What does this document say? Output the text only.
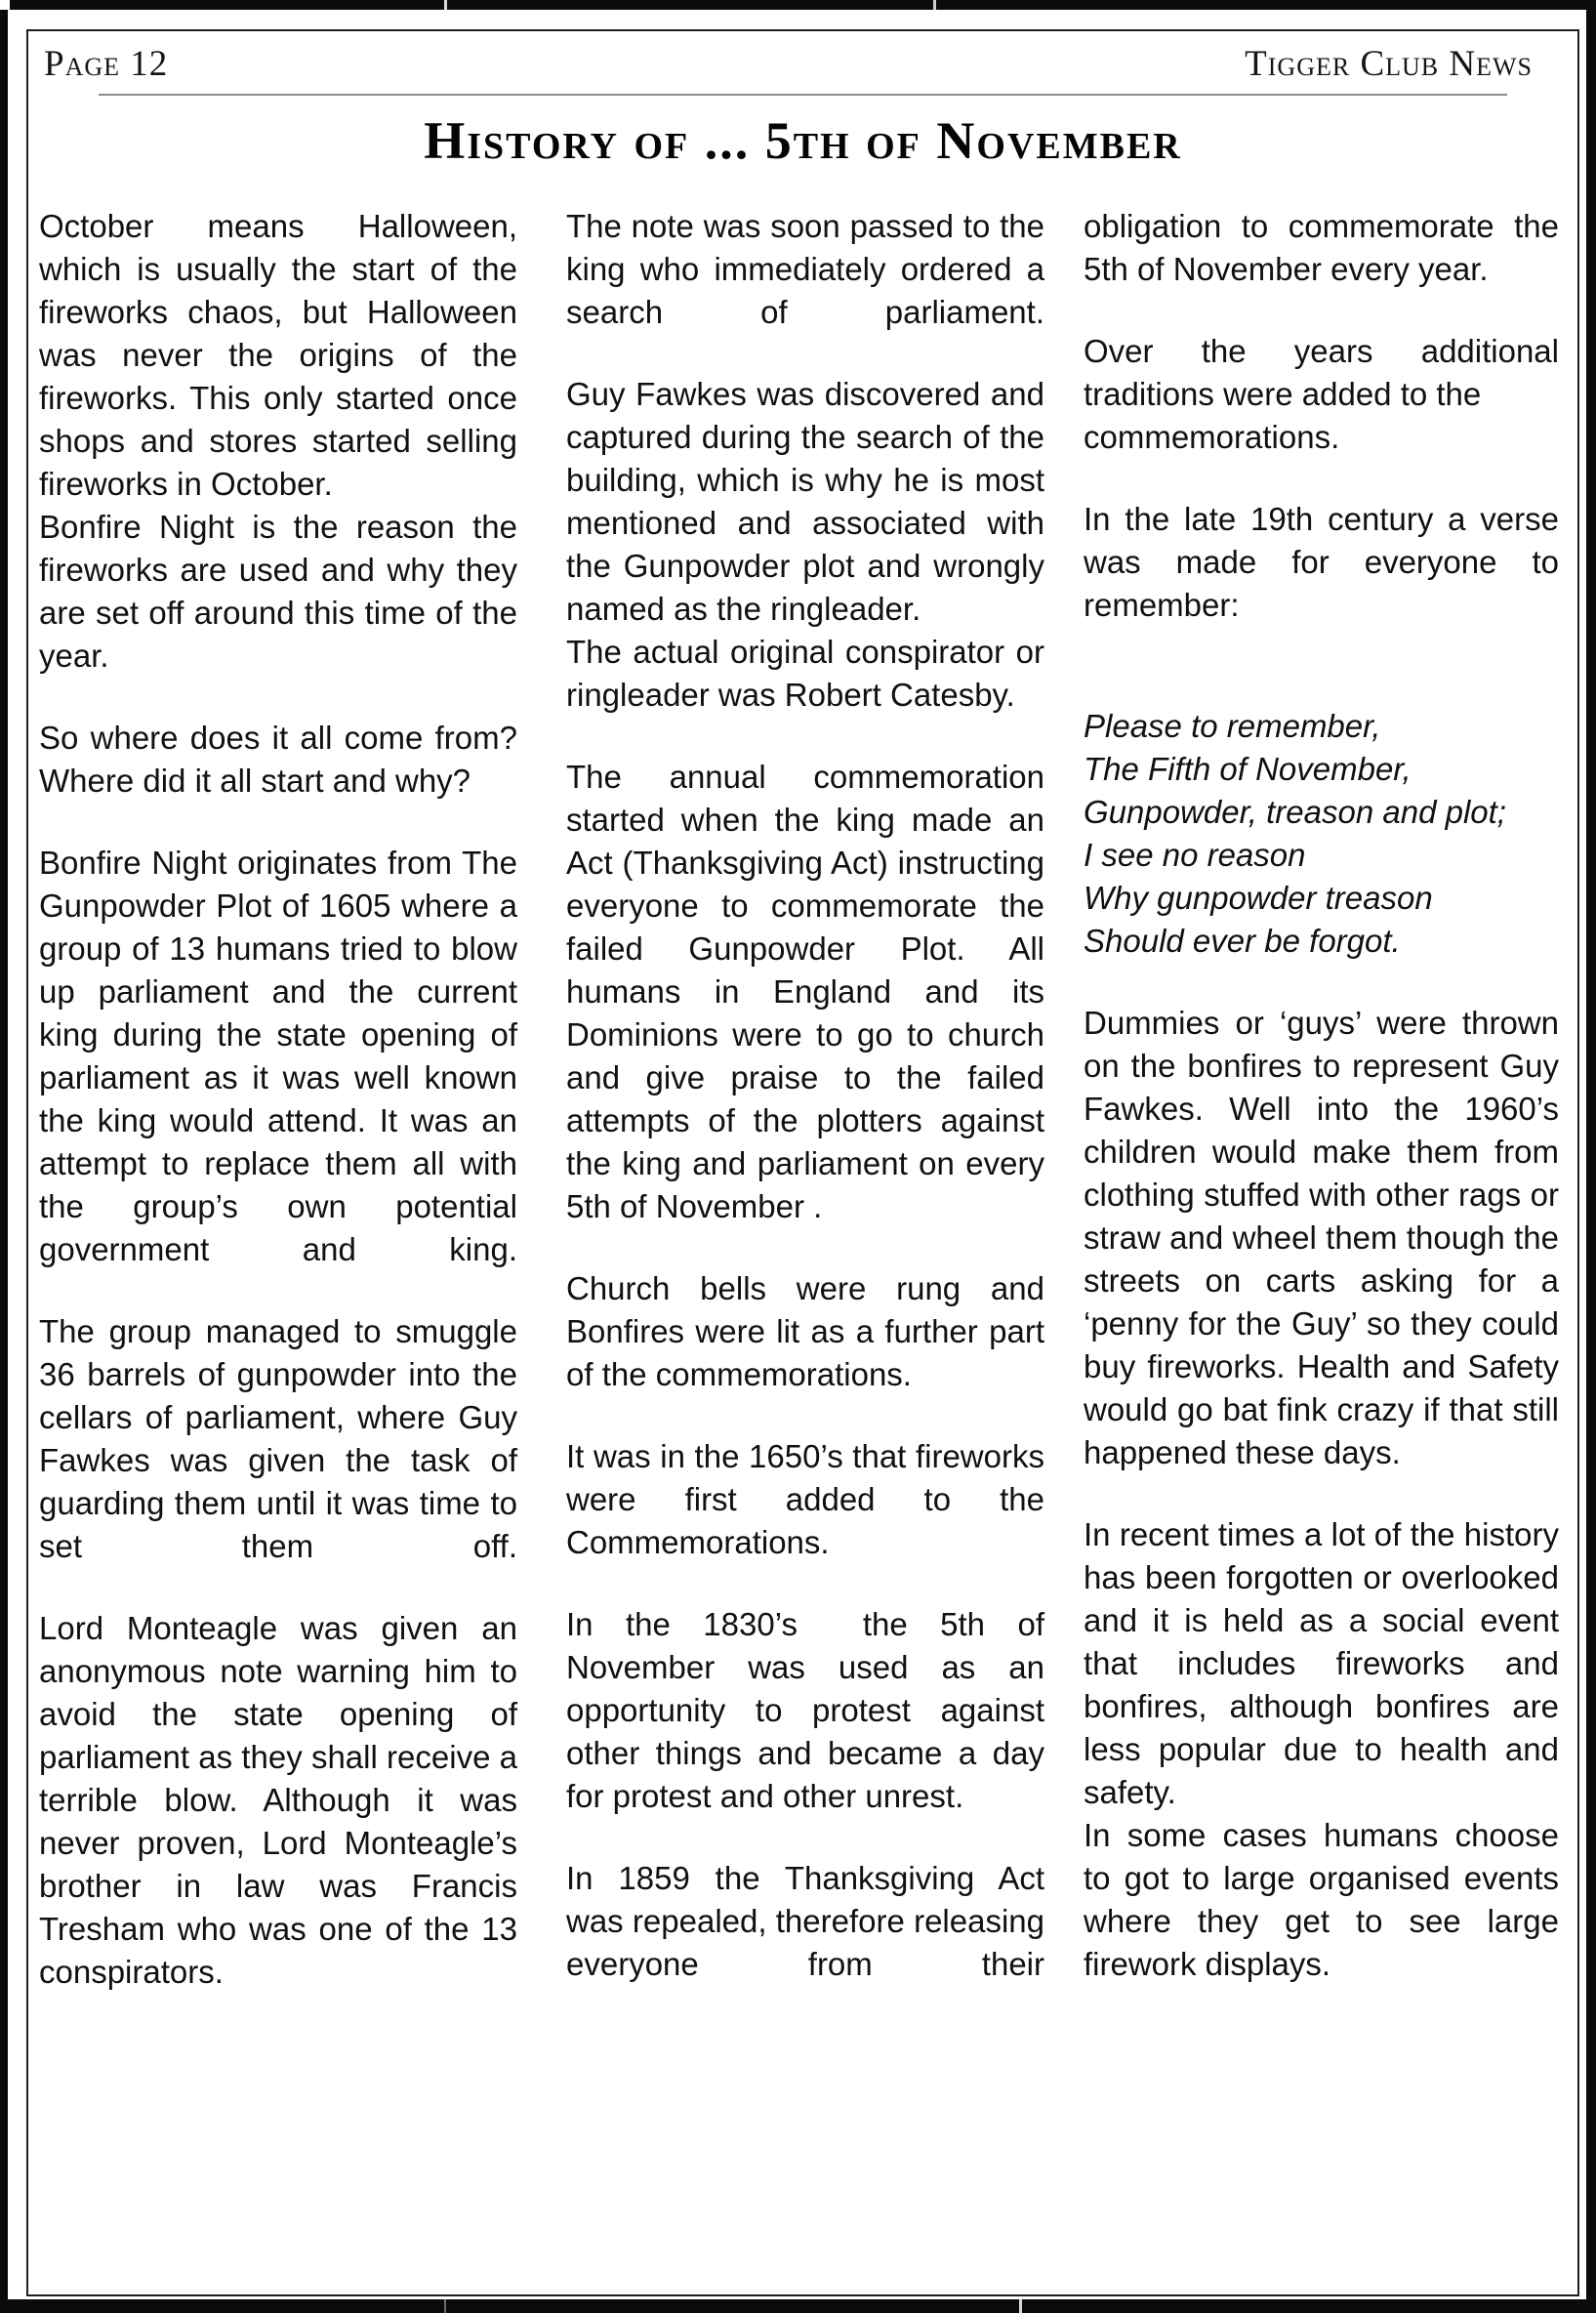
Page 12	Tigger Club News
History of ... 5th of November

October means Halloween, which is usually the start of the fireworks chaos, but Halloween was never the origins of the fireworks. This only started once shops and stores started selling fireworks in October.

Bonfire Night is the reason the fireworks are used and why they are set off around this time of the year.

So where does it all come from? Where did it all start and why?

Bonfire Night originates from The Gunpowder Plot of 1605 where a group of 13 humans tried to blow up parliament and the current king during the state opening of parliament as it was well known the king would attend. It was an attempt to replace them all with the group’s own potential government and king.

The group managed to smuggle 36 barrels of gunpowder into the cellars of parliament, where Guy Fawkes was given the task of guarding them until it was time to set them off.

Lord Monteagle was given an anonymous note warning him to avoid the state opening of parliament as they shall receive a terrible blow. Although it was never proven, Lord Monteagle’s brother in law was Francis Tresham who was one of the 13 conspirators.

The note was soon passed to the king who immediately ordered a search of parliament.

Guy Fawkes was discovered and captured during the search of the building, which is why he is most mentioned and associated with the Gunpowder plot and wrongly named as the ringleader.

The actual original conspirator or ringleader was Robert Catesby.

The annual commemoration started when the king made an Act (Thanksgiving Act) instructing everyone to commemorate the failed Gunpowder Plot. All humans in England and its Dominions were to go to church and give praise to the failed attempts of the plotters against the king and parliament on every 5th of November .

Church bells were rung and Bonfires were lit as a further part of the commemorations.

It was in the 1650’s that fireworks were first added to the Commemorations.

In the 1830’s  the 5th of November was used as an opportunity to protest against other things and became a day for protest and other unrest.

In 1859 the Thanksgiving Act was repealed, therefore releasing everyone from their

obligation to commemorate the 5th of November every year.

Over the years additional

traditions were added to the commemorations.

In the late 19th century a verse was made for everyone to remember:

Please to remember,
The Fifth of November,
Gunpowder, treason and plot;
I see no reason
Why gunpowder treason
Should ever be forgot.

Dummies or ‘guys’ were thrown on the bonfires to represent Guy Fawkes. Well into the 1960’s children would make them from clothing stuffed with other rags or straw and wheel them though the streets on carts asking for a ‘penny for the Guy’ so they could buy fireworks. Health and Safety would go bat fink crazy if that still happened these days.

In recent times a lot of the history has been forgotten or overlooked and it is held as a social event that includes fireworks and bonfires, although bonfires are less popular due to health and safety.

In some cases humans choose to got to large organised events where they get to see large firework displays.
